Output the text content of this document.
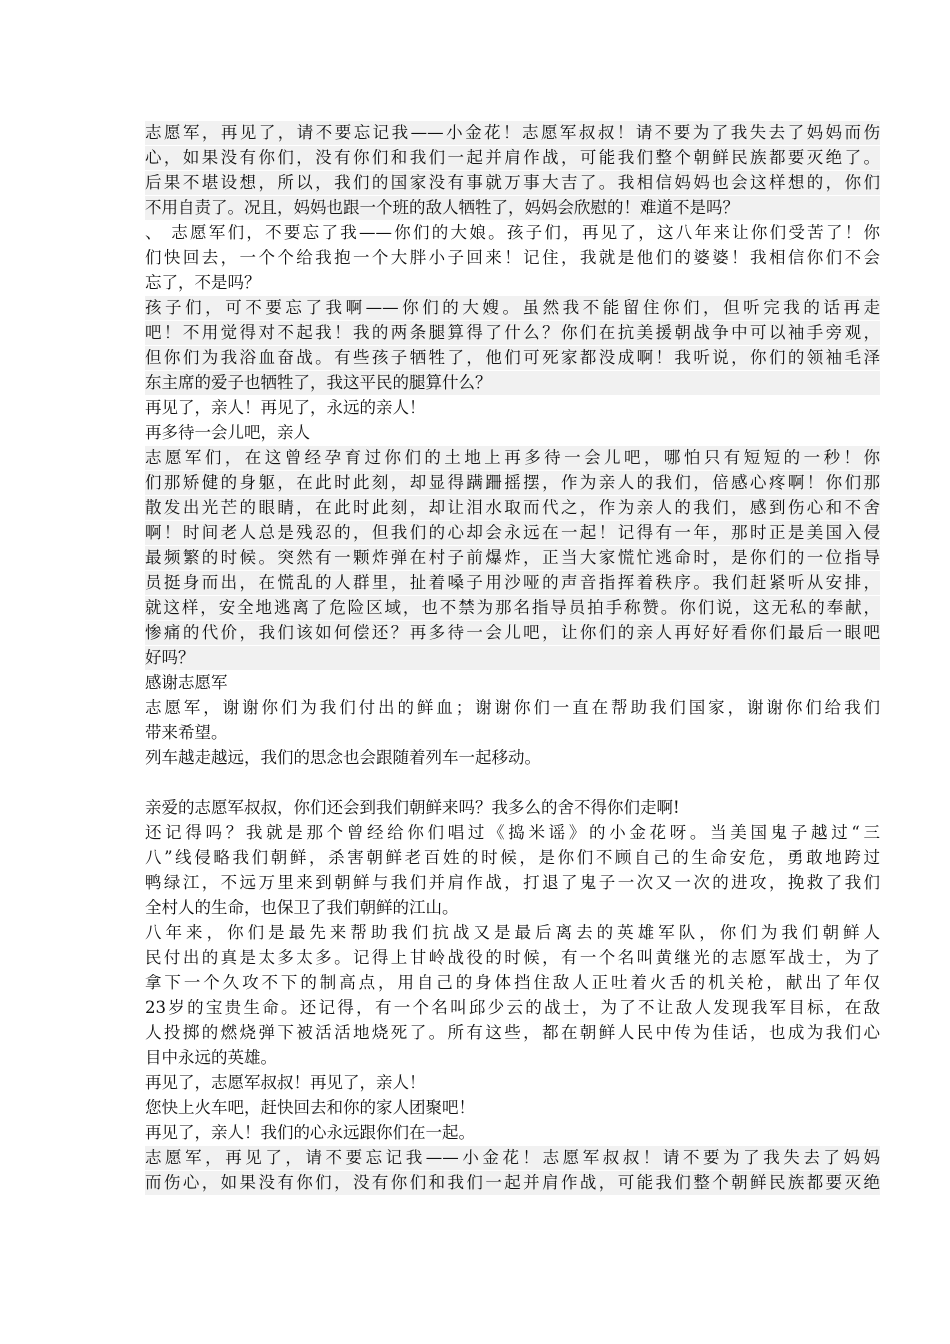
志愿军，再见了，请不要忘记我——小金花！志愿军叔叔！请不要为了我失去了妈妈而伤
心，如果没有你们，没有你们和我们一起并肩作战，可能我们整个朝鲜民族都要灭绝了。
后果不堪设想，所以，我们的国家没有事就万事大吉了。我相信妈妈也会这样想的，你们
不用自责了。况且，妈妈也跟一个班的敌人牺牲了，妈妈会欣慰的！难道不是吗？
、 志愿军们，不要忘了我——你们的大娘。孩子们，再见了，这八年来让你们受苦了！你
们快回去，一个个给我抱一个大胖小子回来！记住，我就是他们的婆婆！我相信你们不会
忘了，不是吗？
孩子们，可不要忘了我啊——你们的大嫂。虽然我不能留住你们，但听完我的话再走
吧！不用觉得对不起我！我的两条腿算得了什么？你们在抗美援朝战争中可以袖手旁观，
但你们为我浴血奋战。有些孩子牺牲了，他们可死家都没成啊！我听说，你们的领袖毛泽
东主席的爱子也牺牲了，我这平民的腿算什么？
再见了，亲人！再见了，永远的亲人！
再多待一会儿吧，亲人
志愿军们，在这曾经孕育过你们的土地上再多待一会儿吧，哪怕只有短短的一秒！你
们那矫健的身躯，在此时此刻，却显得蹒跚摇摆，作为亲人的我们，倍感心疼啊！你们那
散发出光芒的眼睛，在此时此刻，却让泪水取而代之，作为亲人的我们，感到伤心和不舍
啊！时间老人总是残忍的，但我们的心却会永远在一起！记得有一年，那时正是美国入侵
最频繁的时候。突然有一颗炸弹在村子前爆炸，正当大家慌忙逃命时，是你们的一位指导
员挺身而出，在慌乱的人群里，扯着嗓子用沙哑的声音指挥着秩序。我们赶紧听从安排，
就这样，安全地逃离了危险区域，也不禁为那名指导员拍手称赞。你们说，这无私的奉献，
惨痛的代价，我们该如何偿还？再多待一会儿吧，让你们的亲人再好好看你们最后一眼吧
好吗？
感谢志愿军
志愿军，谢谢你们为我们付出的鲜血；谢谢你们一直在帮助我们国家，谢谢你们给我们
带来希望。
列车越走越远，我们的思念也会跟随着列车一起移动。
亲爱的志愿军叔叔，你们还会到我们朝鲜来吗？我多么的舍不得你们走啊!
还记得吗？我就是那个曾经给你们唱过《捣米谣》的小金花呀。当美国鬼子越过“三
八”线侵略我们朝鲜，杀害朝鲜老百姓的时候，是你们不顾自己的生命安危，勇敢地跨过
鸭绿江，不远万里来到朝鲜与我们并肩作战，打退了鬼子一次又一次的进攻，挽救了我们
全村人的生命，也保卫了我们朝鲜的江山。
八年来，你们是最先来帮助我们抗战又是最后离去的英雄军队，你们为我们朝鲜人
民付出的真是太多太多。记得上甘岭战役的时候，有一个名叫黄继光的志愿军战士，为了
拿下一个久攻不下的制高点，用自己的身体挡住敌人正吐着火舌的机关枪，献出了年仅
23岁的宝贵生命。还记得，有一个名叫邱少云的战士，为了不让敌人发现我军目标，在敌
人投掷的燃烧弹下被活活地烧死了。所有这些，都在朝鲜人民中传为佳话，也成为我们心
目中永远的英雄。
再见了，志愿军叔叔！再见了，亲人！
您快上火车吧，赶快回去和你的家人团聚吧！
再见了，亲人！我们的心永远跟你们在一起。
志愿军，再见了，请不要忘记我——小金花！志愿军叔叔！请不要为了我失去了妈妈
而伤心，如果没有你们，没有你们和我们一起并肩作战，可能我们整个朝鲜民族都要灭绝
